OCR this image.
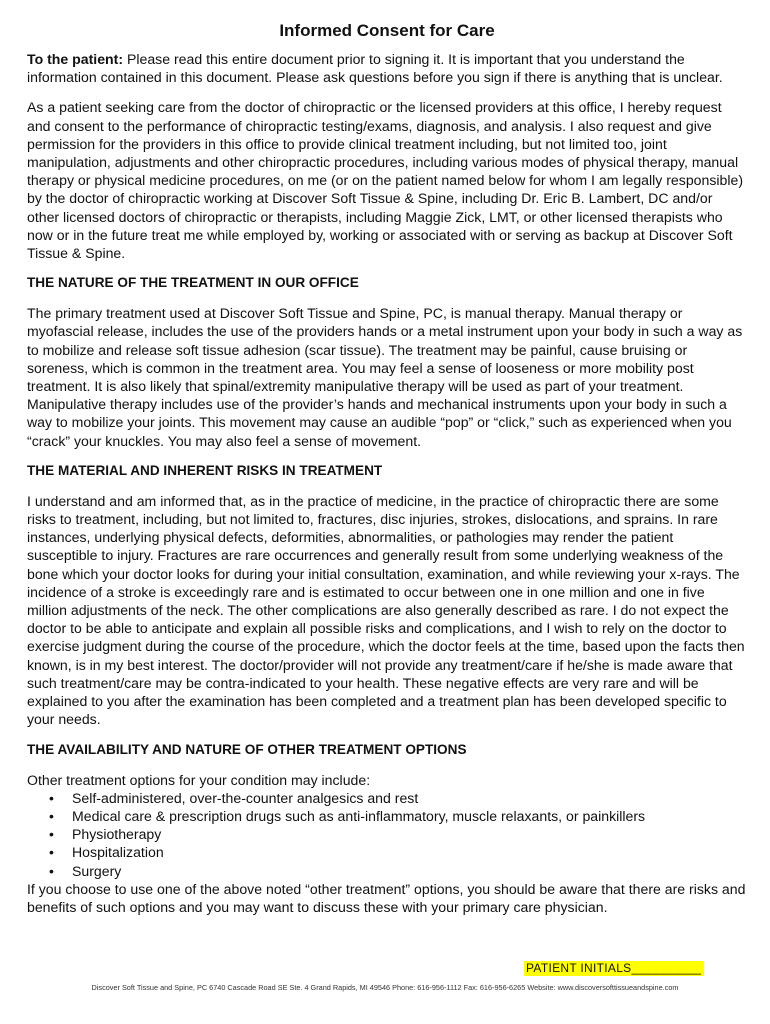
Informed Consent for Care

To the patient: Please read this entire document prior to signing it. It is important that you understand the information contained in this document. Please ask questions before you sign if there is anything that is unclear.

As a patient seeking care from the doctor of chiropractic or the licensed providers at this office, I hereby request and consent to the performance of chiropractic testing/exams, diagnosis, and analysis. I also request and give permission for the providers in this office to provide clinical treatment including, but not limited too, joint manipulation, adjustments and other chiropractic procedures, including various modes of physical therapy, manual therapy or physical medicine procedures, on me (or on the patient named below for whom I am legally responsible) by the doctor of chiropractic working at Discover Soft Tissue & Spine, including Dr. Eric B. Lambert, DC and/or other licensed doctors of chiropractic or therapists, including Maggie Zick, LMT, or other licensed therapists who now or in the future treat me while employed by, working or associated with or serving as backup at Discover Soft Tissue & Spine.

THE NATURE OF THE TREATMENT IN OUR OFFICE

The primary treatment used at Discover Soft Tissue and Spine, PC, is manual therapy. Manual therapy or myofascial release, includes the use of the providers hands or a metal instrument upon your body in such a way as to mobilize and release soft tissue adhesion (scar tissue). The treatment may be painful, cause bruising or soreness, which is common in the treatment area. You may feel a sense of looseness or more mobility post treatment. It is also likely that spinal/extremity manipulative therapy will be used as part of your treatment. Manipulative therapy includes use of the provider’s hands and mechanical instruments upon your body in such a way to mobilize your joints. This movement may cause an audible “pop” or “click,” such as experienced when you “crack” your knuckles. You may also feel a sense of movement.

THE MATERIAL AND INHERENT RISKS IN TREATMENT

I understand and am informed that, as in the practice of medicine, in the practice of chiropractic there are some risks to treatment, including, but not limited to, fractures, disc injuries, strokes, dislocations, and sprains. In rare instances, underlying physical defects, deformities, abnormalities, or pathologies may render the patient susceptible to injury. Fractures are rare occurrences and generally result from some underlying weakness of the bone which your doctor looks for during your initial consultation, examination, and while reviewing your x-rays. The incidence of a stroke is exceedingly rare and is estimated to occur between one in one million and one in five million adjustments of the neck. The other complications are also generally described as rare. I do not expect the doctor to be able to anticipate and explain all possible risks and complications, and I wish to rely on the doctor to exercise judgment during the course of the procedure, which the doctor feels at the time, based upon the facts then known, is in my best interest. The doctor/provider will not provide any treatment/care if he/she is made aware that such treatment/care may be contra-indicated to your health. These negative effects are very rare and will be explained to you after the examination has been completed and a treatment plan has been developed specific to your needs.

THE AVAILABILITY AND NATURE OF OTHER TREATMENT OPTIONS

Other treatment options for your condition may include:

• Self-administered, over-the-counter analgesics and rest
• Medical care & prescription drugs such as anti-inflammatory, muscle relaxants, or painkillers
• Physiotherapy
• Hospitalization
• Surgery

If you choose to use one of the above noted “other treatment” options, you should be aware that there are risks and benefits of such options and you may want to discuss these with your primary care physician.

PATIENT INITIALS__________
Discover Soft Tissue and Spine, PC 6740 Cascade Road SE Ste. 4 Grand Rapids, MI 49546 Phone: 616-956-1112 Fax: 616-956-6265 Website: www.discoversofttissueandspine.com
